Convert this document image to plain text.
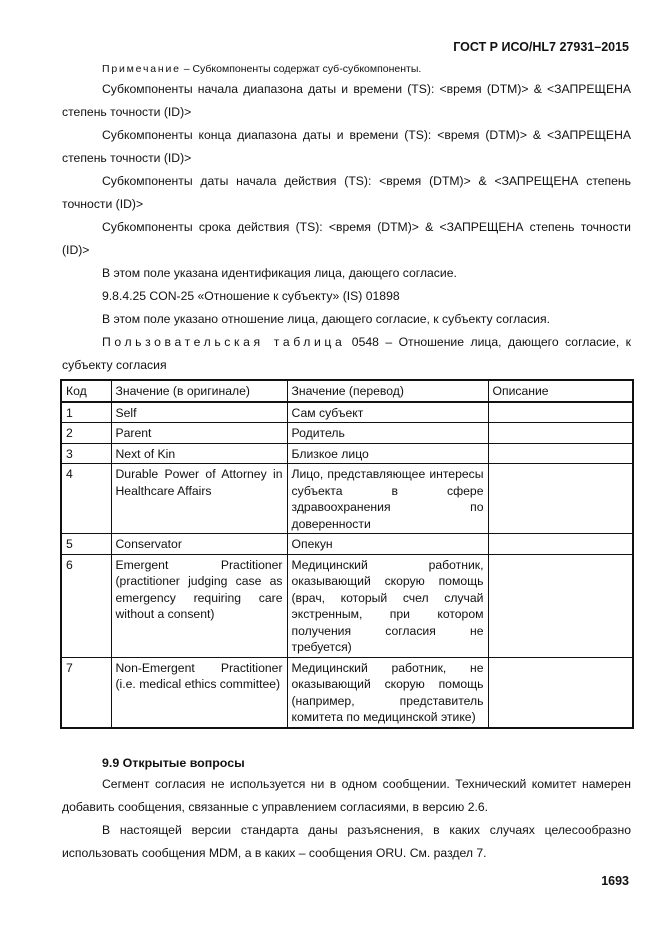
ГОСТ Р ИСО/HL7 27931–2015
Примечание – Субкомпоненты содержат суб-субкомпоненты.

Субкомпоненты начала диапазона даты и времени (TS): <время (DTM)> & <ЗАПРЕЩЕНА степень точности (ID)>

Субкомпоненты конца диапазона даты и времени (TS): <время (DTM)> & <ЗАПРЕЩЕНА степень точности (ID)>

Субкомпоненты даты начала действия (TS): <время (DTM)> & <ЗАПРЕЩЕНА степень точности (ID)>

Субкомпоненты срока действия (TS): <время (DTM)> & <ЗАПРЕЩЕНА степень точности (ID)>

В этом поле указана идентификация лица, дающего согласие.

9.8.4.25 CON-25 «Отношение к субъекту» (IS) 01898

В этом поле указано отношение лица, дающего согласие, к субъекту согласия.

Пользовательская таблица 0548 – Отношение лица, дающего согласие, к субъекту согласия

Код	Значение (в оригинале)	Значение (перевод)	Описание
1	Self	Сам субъект	
2	Parent	Родитель	
3	Next of Kin	Близкое лицо	
4	Durable Power of Attorney in Healthcare Affairs	Лицо, представляющее интересы субъекта в сфере здравоохранения по доверенности	
5	Conservator	Опекун	
6	Emergent Practitioner (practitioner judging case as emergency requiring care without a consent)	Медицинский работник, оказывающий скорую помощь (врач, который счел случай экстренным, при котором получения согласия не требуется)	
7	Non-Emergent Practitioner (i.e. medical ethics committee)	Медицинский работник, не оказывающий скорую помощь (например, представитель комитета по медицинской этике)	
9.9 Открытые вопросы

Сегмент согласия не используется ни в одном сообщении. Технический комитет намерен добавить сообщения, связанные с управлением согласиями, в версию 2.6.

В настоящей версии стандарта даны разъяснения, в каких случаях целесообразно использовать сообщения MDM, а в каких – сообщения ORU. См. раздел 7.

1693
